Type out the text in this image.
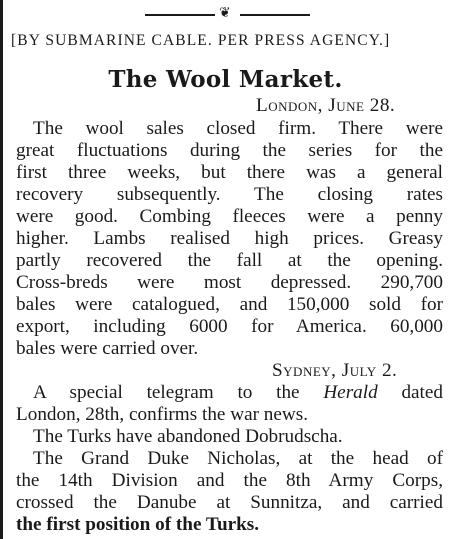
❦
[BY SUBMARINE CABLE. PER PRESS AGENCY.]
The Wool Market.
London, June 28.
The wool sales closed firm. There were
great fluctuations during the series for the
first three weeks, but there was a general
recovery subsequently. The closing rates
were good. Combing fleeces were a penny
higher. Lambs realised high prices. Greasy
partly recovered the fall at the opening.
Cross-breds were most depressed. 290,700
bales were catalogued, and 150,000 sold for
export, including 6000 for America. 60,000
bales were carried over.
Sydney, July 2.
A special telegram to the Herald dated
London, 28th, confirms the war news.
The Turks have abandoned Dobrudscha.
The Grand Duke Nicholas, at the head of
the 14th Division and the 8th Army Corps,
crossed the Danube at Sunnitza, and carried
the first position of the Turks.
